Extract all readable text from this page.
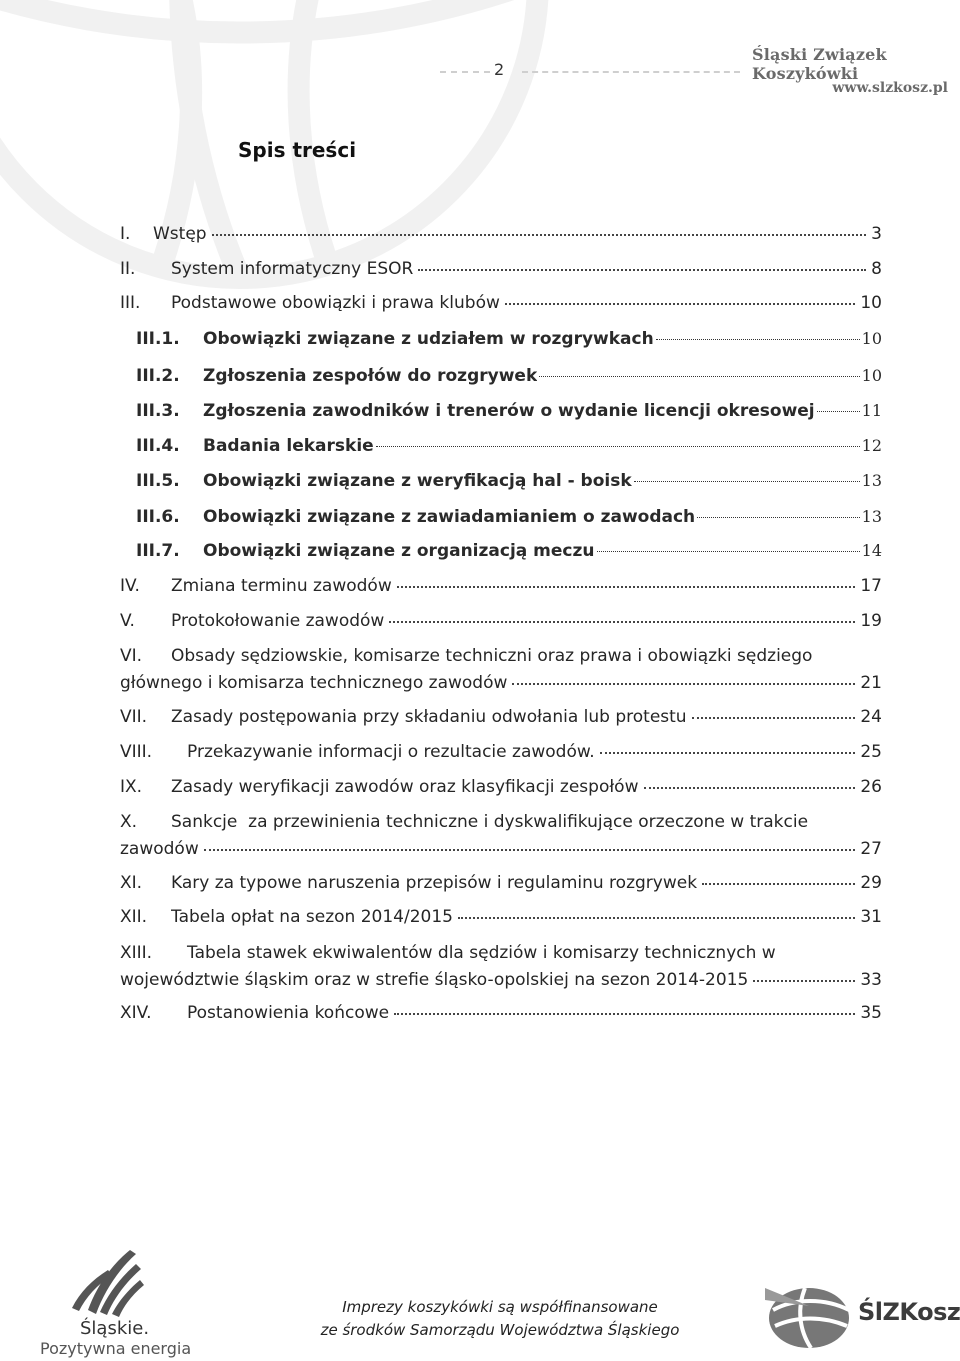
2
Śląski Związek Koszykówki
www.slzkosz.pl
Spis treści
I.	Wstęp	3
II.	System informatyczny ESOR	8
III.	Podstawowe obowiązki i prawa klubów	10
III.1.	Obowiązki związane z udziałem w rozgrywkach	10
III.2.	Zgłoszenia zespołów do rozgrywek	10
III.3.	Zgłoszenia zawodników i trenerów o wydanie licencji okresowej	11
III.4.	Badania lekarskie	12
III.5.	Obowiązki związane z weryfikacją hal - boisk	13
III.6.	Obowiązki związane z zawiadamianiem o zawodach	13
III.7.	Obowiązki związane z organizacją meczu	14
IV.	Zmiana terminu zawodów	17
V.	Protokołowanie zawodów	19
VI.	Obsady sędziowskie, komisarze techniczni oraz prawa i obowiązki sędziego
głównego i komisarza technicznego zawodów	21
VII.	Zasady postępowania przy składaniu odwołania lub protestu	24
VIII.	Przekazywanie informacji o rezultacie zawodów.	25
IX.	Zasady weryfikacji zawodów oraz klasyfikacji zespołów	26
X.	Sankcje  za przewinienia techniczne i dyskwalifikujące orzeczone w trakcie
zawodów	27
XI.	Kary za typowe naruszenia przepisów i regulaminu rozgrywek	29
XII.	Tabela opłat na sezon 2014/2015	31
XIII.	Tabela stawek ekwiwalentów dla sędziów i komisarzy technicznych w
województwie śląskim oraz w strefie śląsko-opolskiej na sezon 2014-2015	33
XIV.	Postanowienia końcowe	35
Śląskie.
Pozytywna energia
Imprezy koszykówki są współfinansowane
ze środków Samorządu Województwa Śląskiego
ŚlZKosz
